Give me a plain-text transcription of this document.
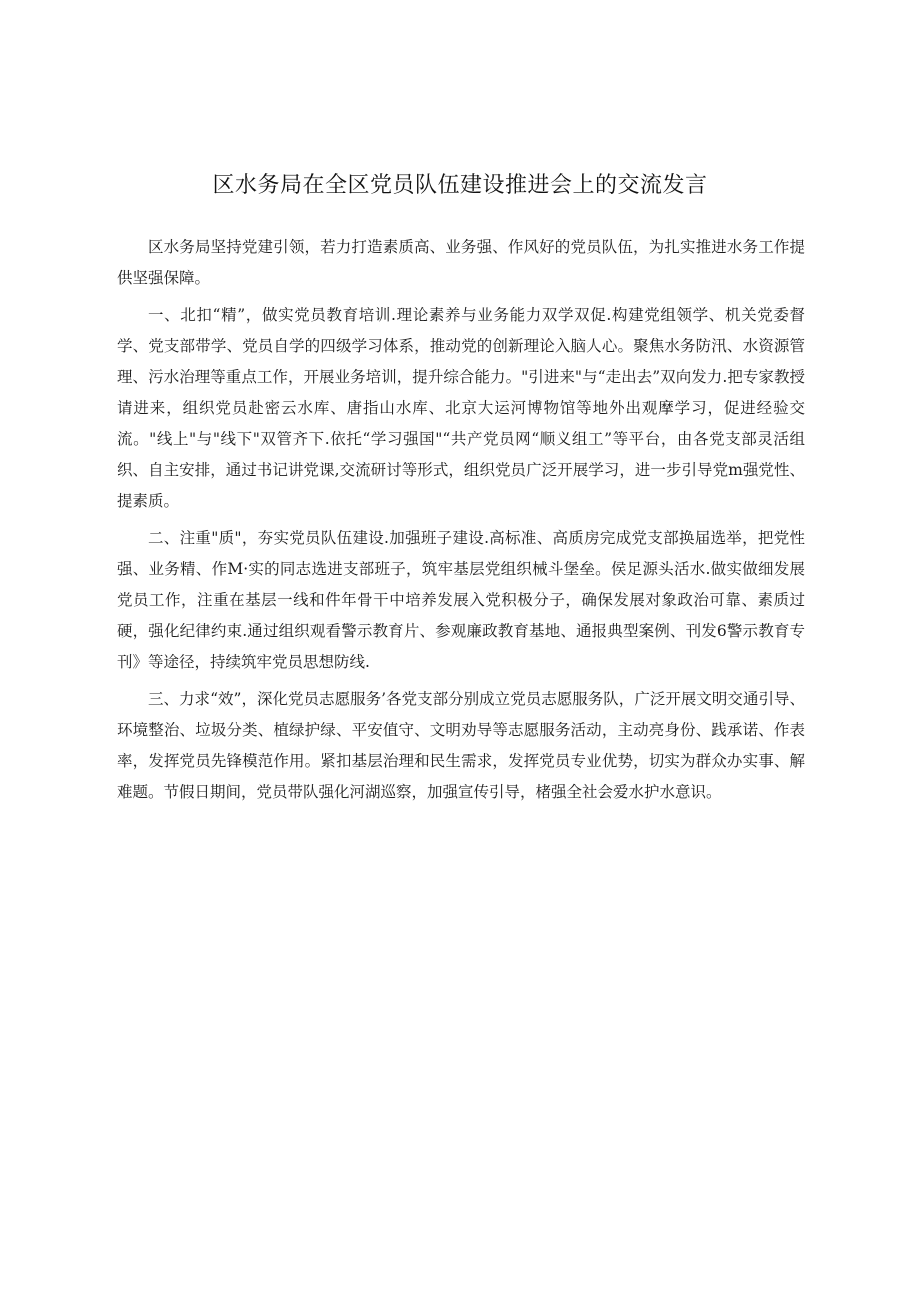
区水务局在全区党员队伍建设推进会上的交流发言

区水务局坚持党建引领，若力打造素质高、业务强、作风好的党员队伍，为扎实推进水务工作提供坚强保障。

一、北扣“精”，做实党员教育培训.理论素养与业务能力双学双促.构建党组领学、机关党委督学、党支部带学、党员自学的四级学习体系，推动党的创新理论入脑人心。聚焦水务防汛、水资源管理、污水治理等重点工作，开展业务培训，提升综合能力。"引进来"与“走出去”双向发力.把专家教授请进来，组织党员赴密云水库、唐指山水库、北京大运河博物馆等地外出观摩学习，促进经验交流。"线上"与"线下"双管齐下.依托“学习强国"“共产党员网“顺义组工”等平台，由各党支部灵活组织、自主安排，通过书记讲党课,交流研讨等形式，组织党员广泛开展学习，进一步引导党m强党性、提素质。

二、注重"质"，夯实党员队伍建设.加强班子建设.高标准、高质房完成党支部换届选举，把党性强、业务精、作M·实的同志选进支部班子，筑牢基层党组织械斗堡垒。侯足源头活水.做实做细发展党员工作，注重在基层一线和件年骨干中培养发展入党积极分子，确保发展对象政治可靠、素质过硬，强化纪律约束.通过组织观看警示教育片、参观廉政教育基地、通报典型案例、刊发6警示教育专刊》等途径，持续筑牢党员思想防线.

三、力求“效”，深化党员志愿服务’各党支部分别成立党员志愿服务队，广泛开展文明交通引导、环境整治、垃圾分类、植绿护绿、平安值守、文明劝导等志愿服务活动，主动亮身份、践承诺、作表率，发挥党员先锋模范作用。紧扣基层治理和民生需求，发挥党员专业优势，切实为群众办实事、解难题。节假日期间，党员带队强化河湖巡察，加强宣传引导，楮强全社会爱水护水意识。
